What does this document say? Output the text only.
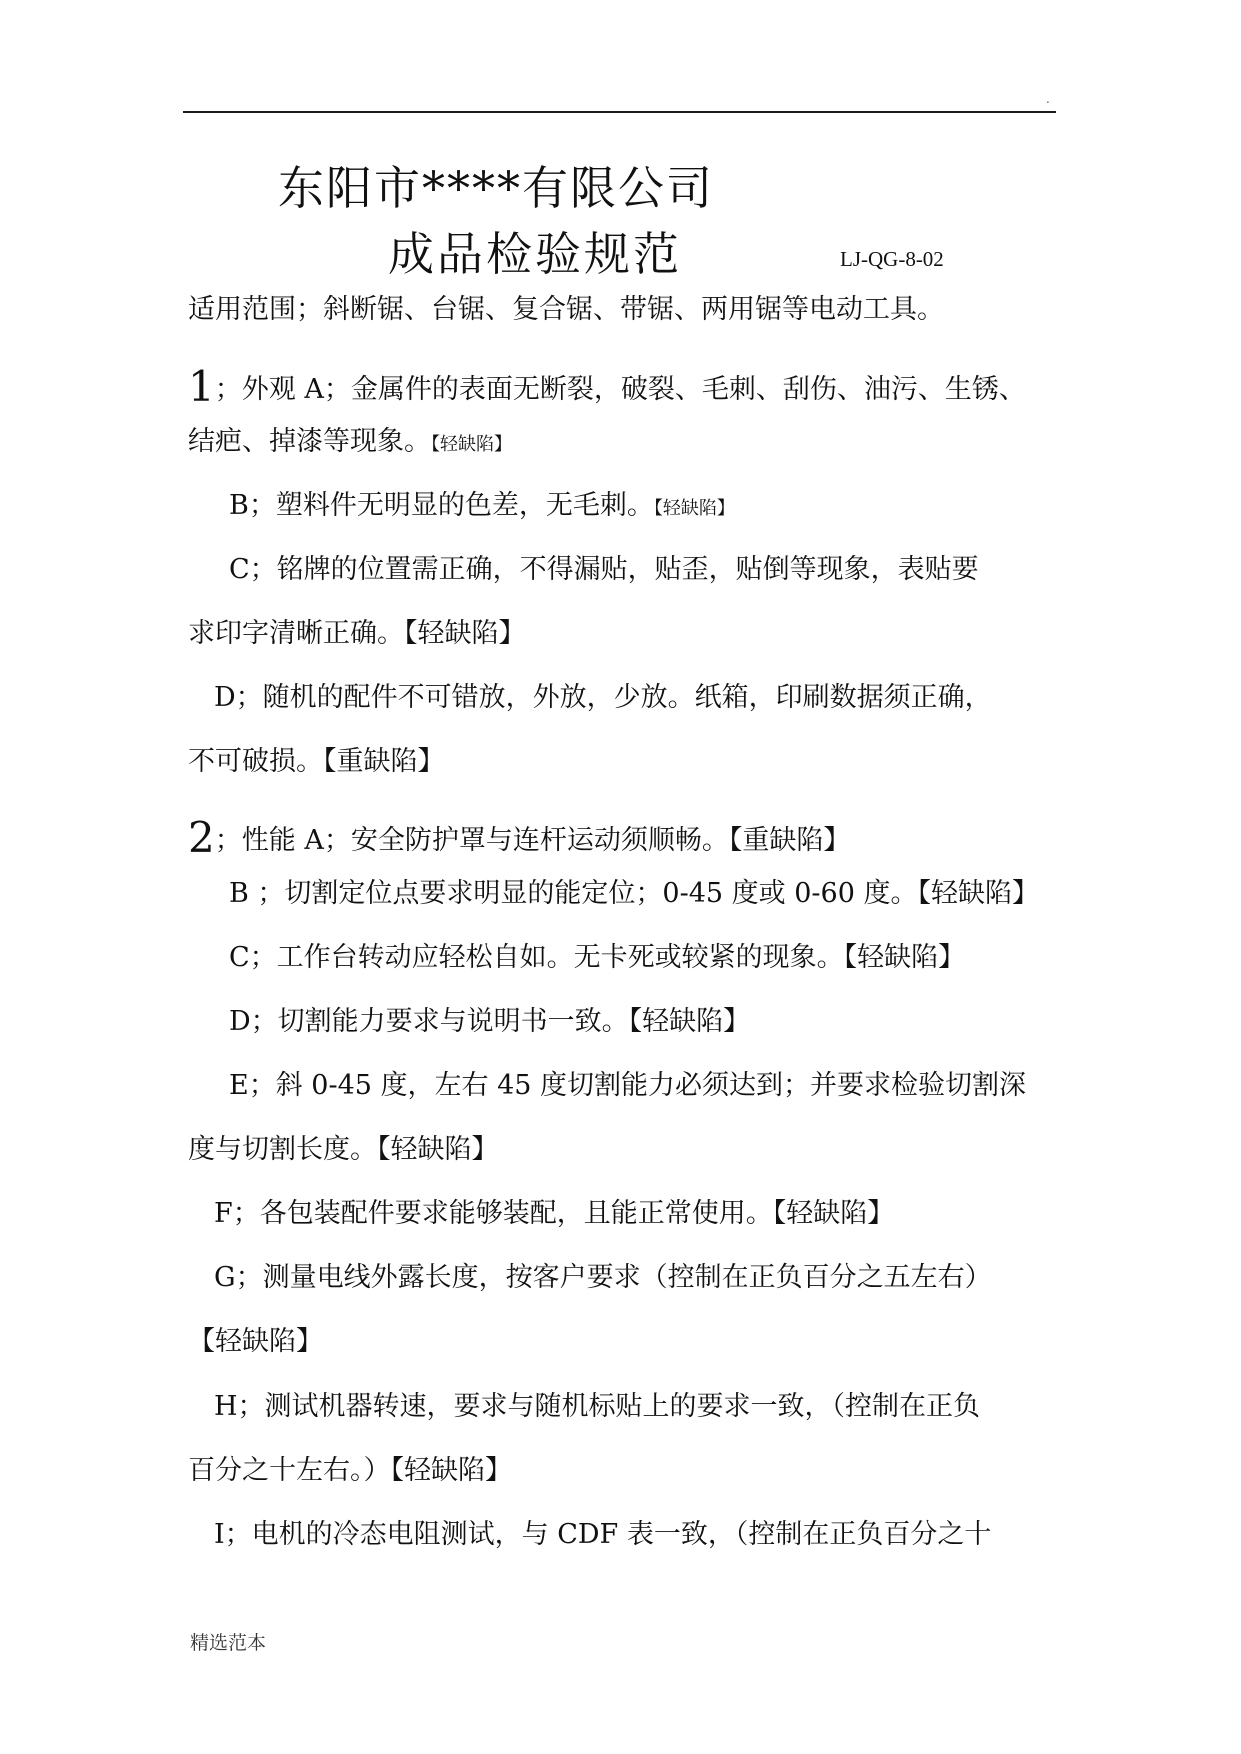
.
东阳市****有限公司
成品检验规范	LJ-QG-8-02
适用范围；斜断锯、台锯、复合锯、带锯、两用锯等电动工具。
1；外观 A；金属件的表面无断裂，破裂、毛刺、刮伤、油污、生锈、
结疤、掉漆等现象。【轻缺陷】
B；塑料件无明显的色差，无毛刺。【轻缺陷】
C；铭牌的位置需正确，不得漏贴，贴歪，贴倒等现象，表贴要
求印字清晰正确。【轻缺陷】
D；随机的配件不可错放，外放，少放。纸箱，印刷数据须正确，
不可破损。【重缺陷】
2；性能 A；安全防护罩与连杆运动须顺畅。【重缺陷】
B ；切割定位点要求明显的能定位；0-45 度或 0-60 度。【轻缺陷】
C；工作台转动应轻松自如。无卡死或较紧的现象。【轻缺陷】
D；切割能力要求与说明书一致。【轻缺陷】
E；斜 0-45 度，左右 45 度切割能力必须达到；并要求检验切割深
度与切割长度。【轻缺陷】
F；各包装配件要求能够装配，且能正常使用。【轻缺陷】
G；测量电线外露长度，按客户要求（控制在正负百分之五左右）
【轻缺陷】
H；测试机器转速，要求与随机标贴上的要求一致，（控制在正负
百分之十左右。）【轻缺陷】
I；电机的冷态电阻测试，与 CDF 表一致，（控制在正负百分之十
精选范本
